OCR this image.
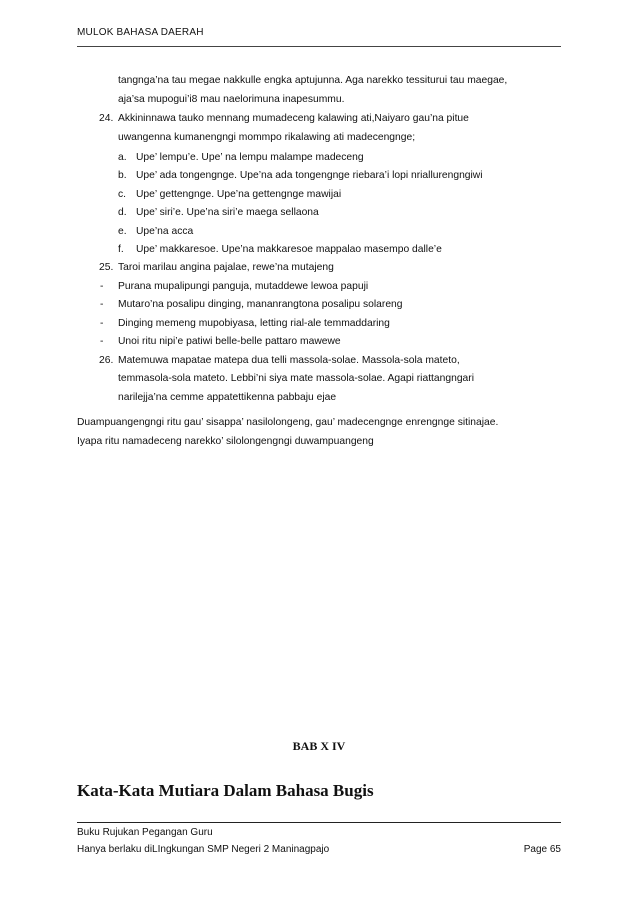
MULOK BAHASA DAERAH
tangnga’na tau megae nakkulle engka aptujunna. Aga narekko tessiturui tau maegae,
aja’sa mupogui’i8 mau naelorimuna inapesummu.
24. Akkininnawa tauko mennang mumadeceng kalawing ati,Naiyaro gau’na pitue
uwangenna kumanengngi mommpo rikalawing ati madecengnge;
a. Upe’ lempu’e. Upe’ na lempu malampe madeceng
b. Upe’ ada tongengnge. Upe’na ada tongengnge riebara’i lopi nriallurengngiwi
c. Upe’ gettengnge. Upe’na gettengnge mawijai
d. Upe’ siri’e. Upe’na siri’e maega sellaona
e. Upe’na acca
f. Upe’ makkaresoe. Upe’na makkaresoe mappalao masempo dalle’e
25. Taroi marilau angina pajalae, rewe’na mutajeng
- Purana mupalipungi panguja, mutaddewe lewoa papuji
- Mutaro’na posalipu dinging, mananrangtona posalipu solareng
- Dinging memeng mupobiyasa, letting rial-ale temmaddaring
- Unoi ritu nipi’e patiwi belle-belle pattaro mawewe
26. Matemuwa mapatae matepa dua telli massola-solae. Massola-sola mateto,
temmasola-sola mateto. Lebbi’ni siya mate massola-solae. Agapi riattangngari
narilejja’na cemme appatettikenna pabbaju ejae
Duampuangengngi ritu gau’ sisappa’ nasilolongeng, gau’ madecengnge enrengnge sitinajae.
Iyapa ritu namadeceng narekko’ silolongengngi duwampuangeng
BAB X IV
Kata-Kata Mutiara Dalam Bahasa Bugis
Buku Rujukan Pegangan Guru
Hanya berlaku diLIngkungan SMP Negeri 2 Maninagpajo	Page 65
